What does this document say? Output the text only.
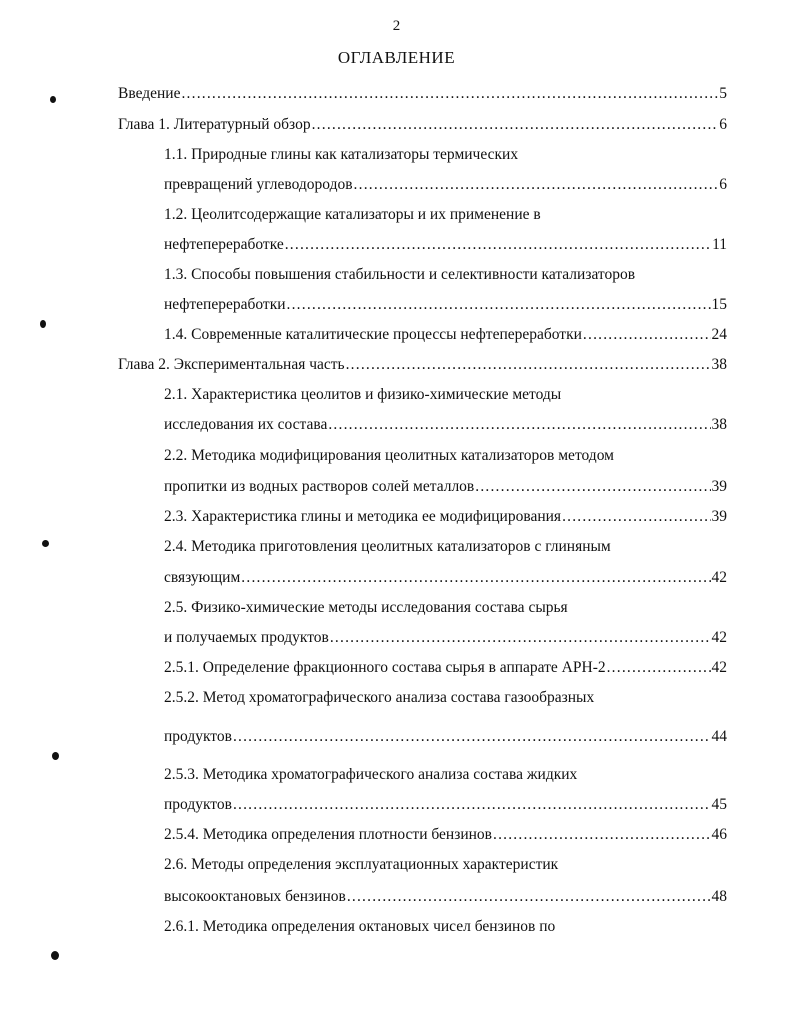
2
ОГЛАВЛЕНИЕ
Введение .....	5
Глава 1. Литературный обзор .....	6
1.1. Природные глины как катализаторы термических
превращений углеводородов .....	6
1.2. Цеолитсодержащие катализаторы и их применение в
нефтепереработке .....	11
1.3. Способы повышения стабильности и селективности катализаторов
нефтепереработки .....	15
1.4. Современные каталитические процессы нефтепереработки .....	24
Глава 2. Экспериментальная часть .....	38
2.1. Характеристика цеолитов и физико-химические методы
исследования их состава .....	38
2.2. Методика модифицирования цеолитных катализаторов методом
пропитки из водных растворов солей металлов .....	39
2.3. Характеристика глины и методика ее модифицирования .....	39
2.4. Методика приготовления цеолитных катализаторов с глиняным
связующим .....	42
2.5. Физико-химические методы исследования состава сырья
и получаемых продуктов .....	42
2.5.1. Определение фракционного состава сырья в аппарате АРН-2 .....	42
2.5.2. Метод хроматографического анализа состава газообразных
продуктов .....	44
2.5.3. Методика хроматографического анализа состава жидких
продуктов .....	45
2.5.4. Методика определения плотности бензинов .....	46
2.6. Методы определения эксплуатационных характеристик
высокооктановых бензинов .....	48
2.6.1. Методика определения октановых чисел бензинов по
